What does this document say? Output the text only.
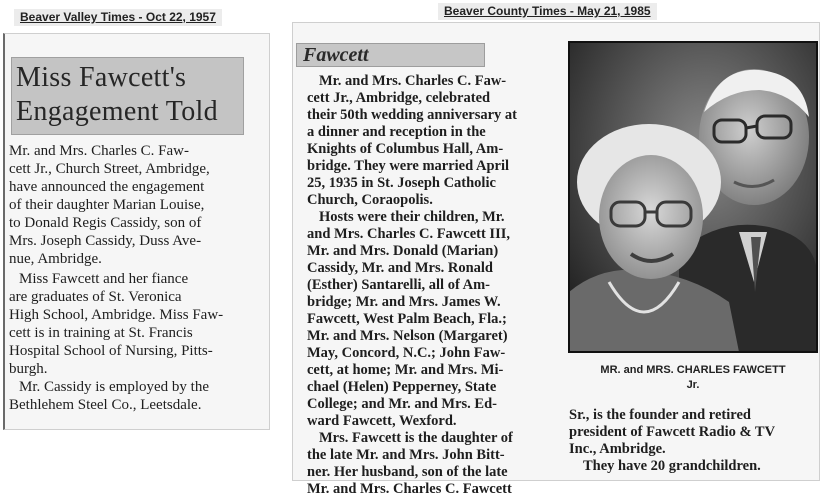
Beaver Valley Times - Oct 22, 1957	Beaver County Times - May 21, 1985
Miss Fawcett's
Engagement Told
Mr. and Mrs. Charles C. Faw-
cett Jr., Church Street, Ambridge,
have announced the engagement
of their daughter Marian Louise,
to Donald Regis Cassidy, son of
Mrs. Joseph Cassidy, Duss Ave-
nue, Ambridge.
Miss Fawcett and her fiance
are graduates of St. Veronica
High School, Ambridge. Miss Faw-
cett is in training at St. Francis
Hospital School of Nursing, Pitts-
burgh.
Mr. Cassidy is employed by the
Bethlehem Steel Co., Leetsdale.
Fawcett
Mr. and Mrs. Charles C. Faw-
cett Jr., Ambridge, celebrated
their 50th wedding anniversary at
a dinner and reception in the
Knights of Columbus Hall, Am-
bridge. They were married April
25, 1935 in St. Joseph Catholic
Church, Coraopolis.
Hosts were their children, Mr.
and Mrs. Charles C. Fawcett III,
Mr. and Mrs. Donald (Marian)
Cassidy, Mr. and Mrs. Ronald
(Esther) Santarelli, all of Am-
bridge; Mr. and Mrs. James W.
Fawcett, West Palm Beach, Fla.;
Mr. and Mrs. Nelson (Margaret)
May, Concord, N.C.; John Faw-
cett, at home; Mr. and Mrs. Mi-
chael (Helen) Pepperney, State
College; and Mr. and Mrs. Ed-
ward Fawcett, Wexford.
Mrs. Fawcett is the daughter of
the late Mr. and Mrs. John Bitt-
ner. Her husband, son of the late
Mr. and Mrs. Charles C. Fawcett
MR. and MRS. CHARLES FAWCETT
Jr.
Sr., is the founder and retired
president of Fawcett Radio & TV
Inc., Ambridge.
They have 20 grandchildren.
